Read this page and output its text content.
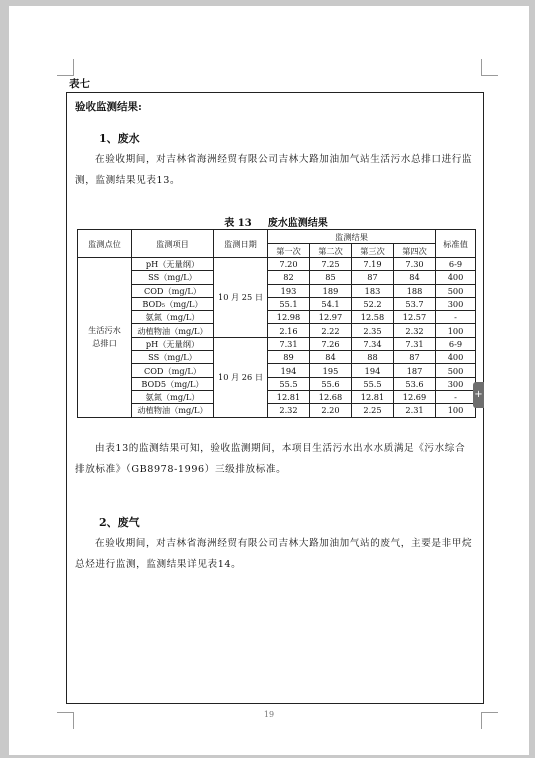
表七
验收监测结果:
1、废水
在验收期间，对吉林省海洲经贸有限公司吉林大路加油加气站生活污水总排口进行监测，监测结果见表13。
表 13 废水监测结果
监测点位	监测项目	监测日期	监测结果				标准值
			第一次	第二次	第三次	第四次	
生活污水
总排口	pH（无量纲）	10 月 25 日	7.20	7.25	7.19	7.30	6-9
	SS（mg/L）		82	85	87	84	400
	COD（mg/L）		193	189	183	188	500
	BOD₅（mg/L）		55.1	54.1	52.2	53.7	300
	氨氮（mg/L）		12.98	12.97	12.58	12.57	-
	动植物油（mg/L）		2.16	2.22	2.35	2.32	100
	pH（无量纲）	10 月 26 日	7.31	7.26	7.34	7.31	6-9
	SS（mg/L）		89	84	88	87	400
	COD（mg/L）		194	195	194	187	500
	BOD5（mg/L）		55.5	55.6	55.5	53.6	300
	氨氮（mg/L）		12.81	12.68	12.81	12.69	-
	动植物油（mg/L）		2.32	2.20	2.25	2.31	100
由表13的监测结果可知，验收监测期间，本项目生活污水出水水质满足《污水综合排放标准》（GB8978-1996）三级排放标准。
2、废气
在验收期间，对吉林省海洲经贸有限公司吉林大路加油加气站的废气，主要是非甲烷总烃进行监测，监测结果详见表14。
19
+
